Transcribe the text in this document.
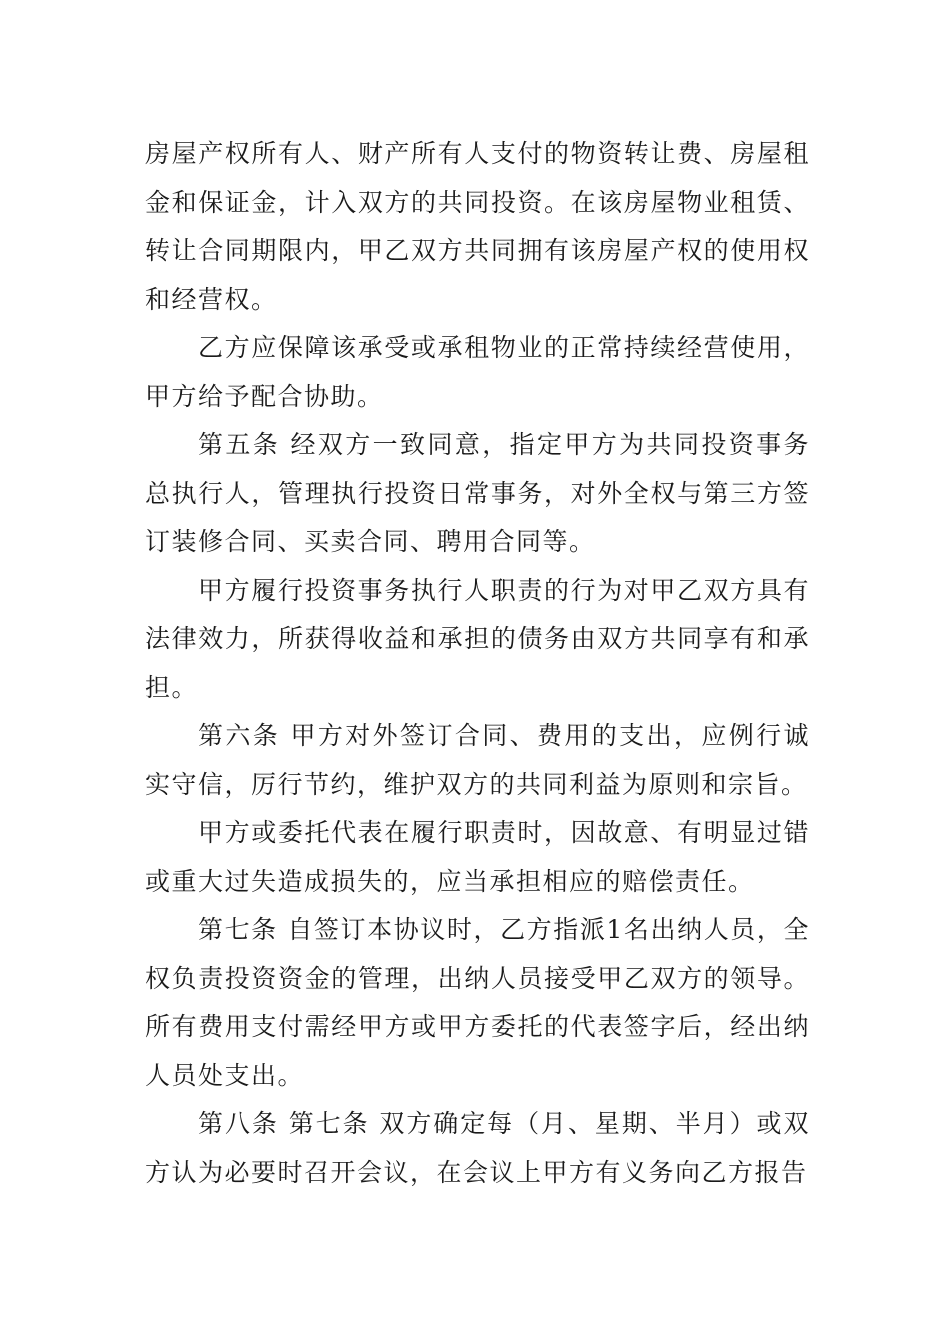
房屋产权所有人、财产所有人支付的物资转让费、房屋租金和保证金，计入双方的共同投资。在该房屋物业租赁、转让合同期限内，甲乙双方共同拥有该房屋产权的使用权和经营权。

乙方应保障该承受或承租物业的正常持续经营使用，甲方给予配合协助。

第五条 经双方一致同意，指定甲方为共同投资事务总执行人，管理执行投资日常事务，对外全权与第三方签订装修合同、买卖合同、聘用合同等。

甲方履行投资事务执行人职责的行为对甲乙双方具有法律效力，所获得收益和承担的债务由双方共同享有和承担。

第六条 甲方对外签订合同、费用的支出，应例行诚实守信，厉行节约，维护双方的共同利益为原则和宗旨。

甲方或委托代表在履行职责时，因故意、有明显过错或重大过失造成损失的，应当承担相应的赔偿责任。

第七条 自签订本协议时，乙方指派1名出纳人员，全权负责投资资金的管理，出纳人员接受甲乙双方的领导。所有费用支付需经甲方或甲方委托的代表签字后，经出纳人员处支出。

第八条 第七条 双方确定每（月、星期、半月）或双方认为必要时召开会议，在会议上甲方有义务向乙方报告
